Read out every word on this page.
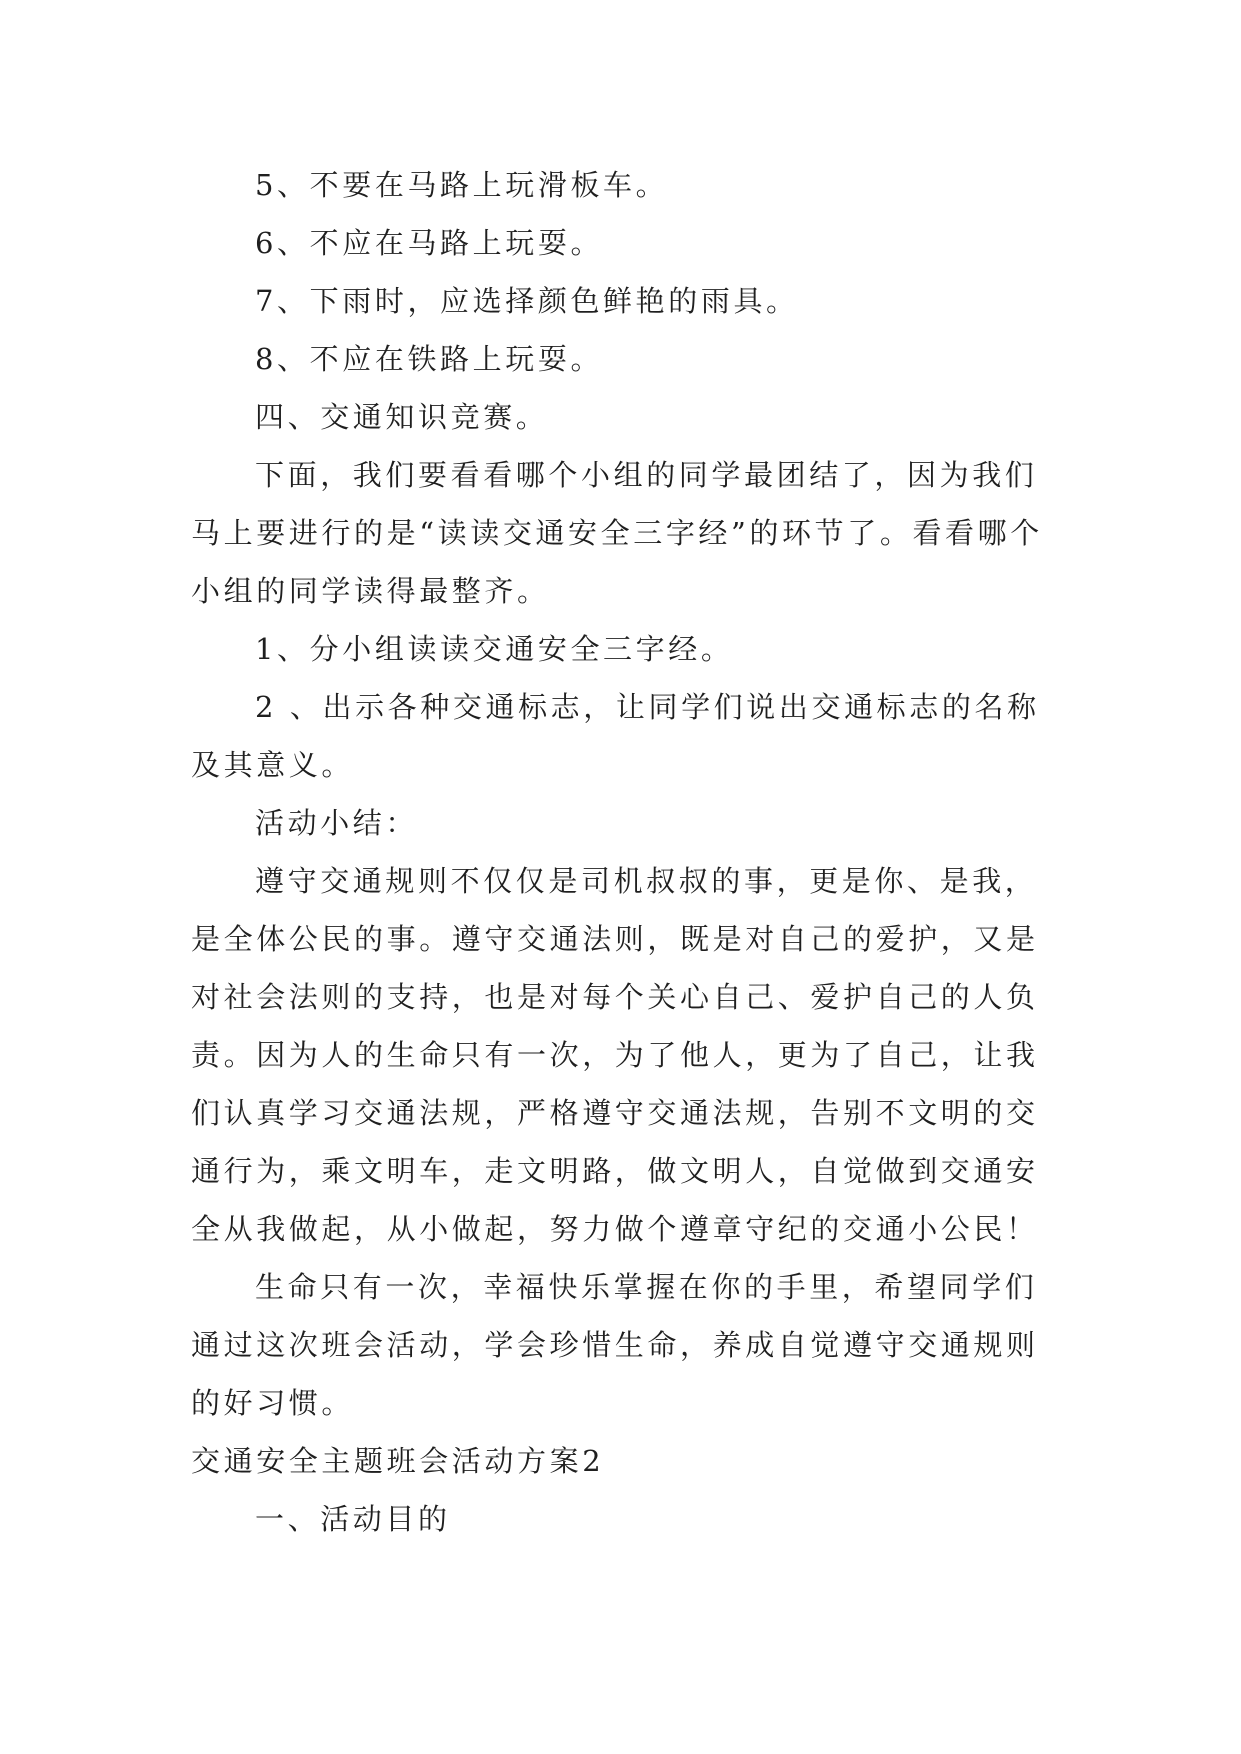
5、不要在马路上玩滑板车。

6、不应在马路上玩耍。

7、下雨时，应选择颜色鲜艳的雨具。

8、不应在铁路上玩耍。

四、交通知识竞赛。

下面，我们要看看哪个小组的同学最团结了，因为我们马上要进行的是“读读交通安全三字经”的环节了。看看哪个小组的同学读得最整齐。

1、分小组读读交通安全三字经。

2 、出示各种交通标志，让同学们说出交通标志的名称及其意义。

活动小结：

遵守交通规则不仅仅是司机叔叔的事，更是你、是我，是全体公民的事。遵守交通法则，既是对自己的爱护，又是对社会法则的支持，也是对每个关心自己、爱护自己的人负责。因为人的生命只有一次，为了他人，更为了自己，让我们认真学习交通法规，严格遵守交通法规，告别不文明的交通行为，乘文明车，走文明路，做文明人，自觉做到交通安全从我做起，从小做起，努力做个遵章守纪的交通小公民！

生命只有一次，幸福快乐掌握在你的手里，希望同学们通过这次班会活动，学会珍惜生命，养成自觉遵守交通规则的好习惯。

交通安全主题班会活动方案2

一、活动目的
